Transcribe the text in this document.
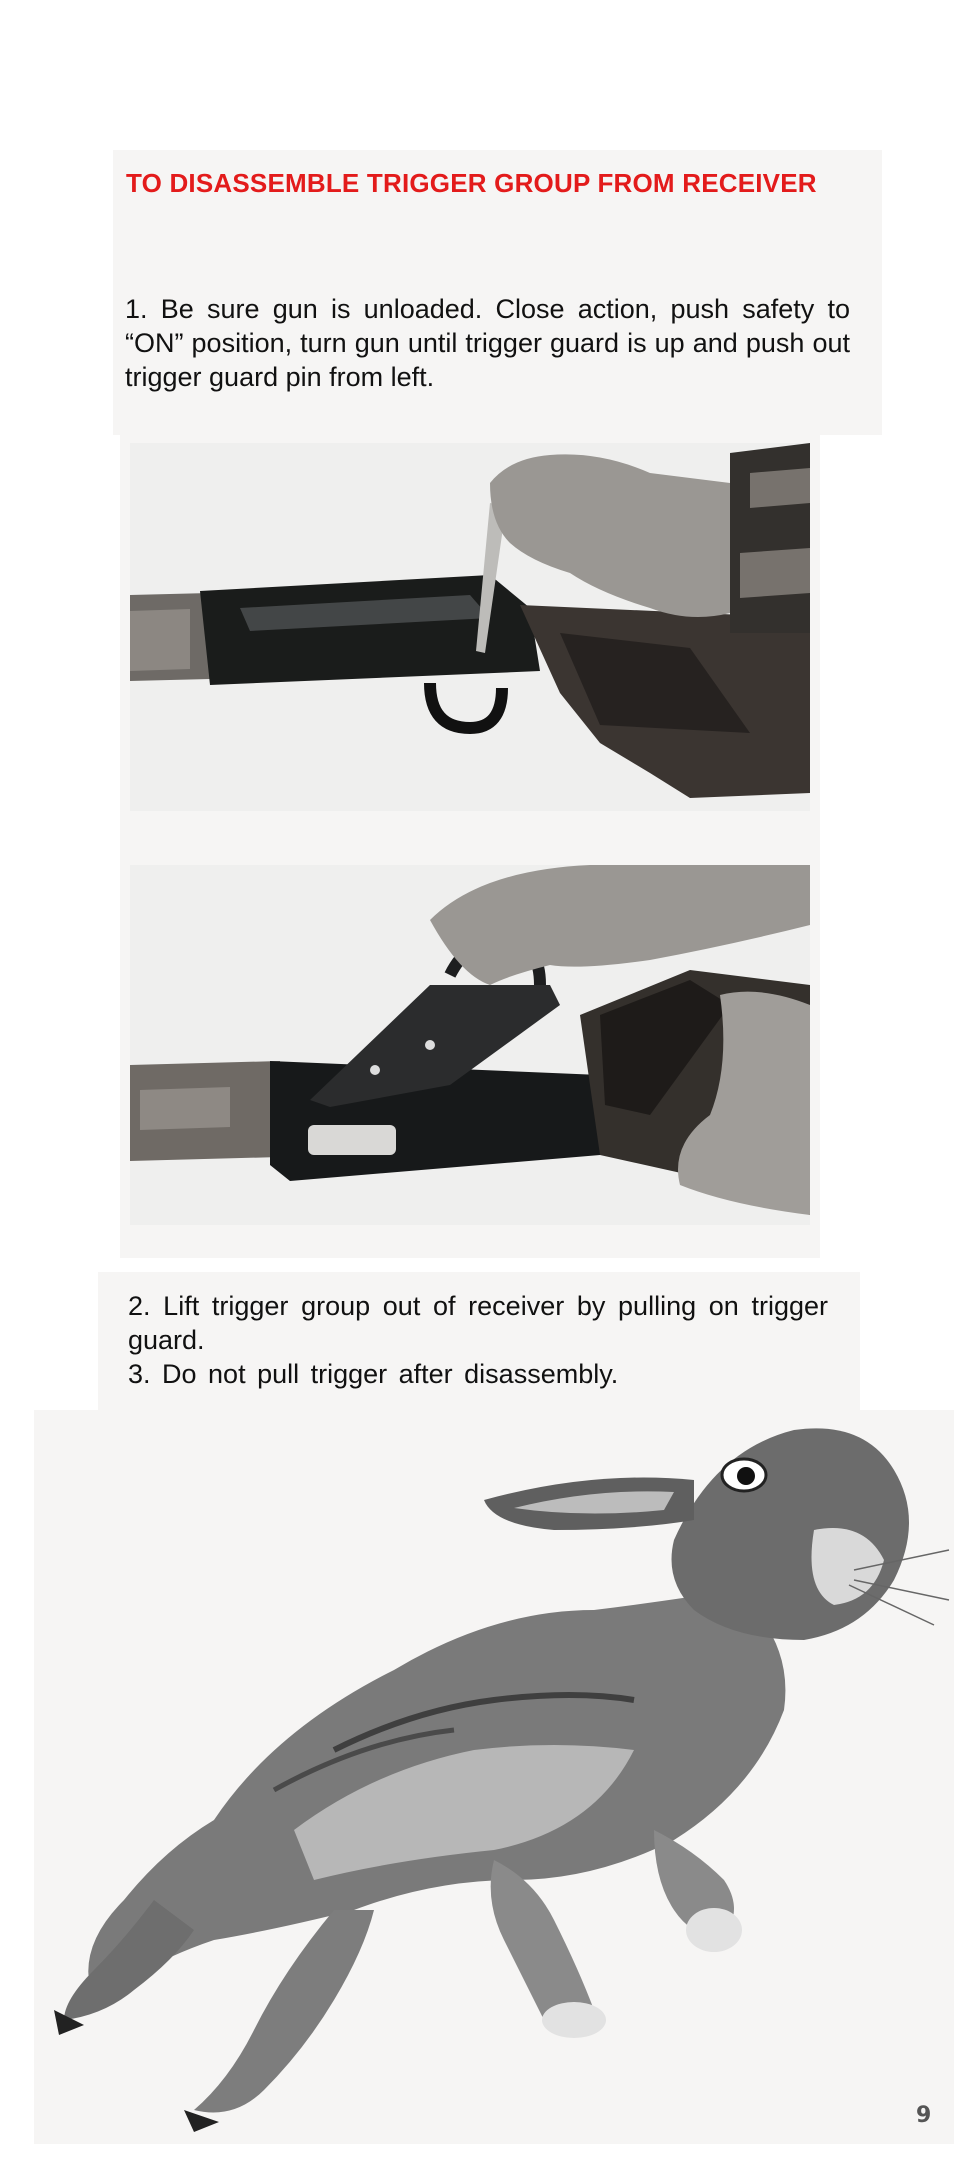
TO DISASSEMBLE TRIGGER GROUP FROM RECEIVER

1. Be sure gun is unloaded. Close action, push safety to “ON” position, turn gun until trigger guard is up and push out trigger guard pin from left.

2. Lift trigger group out of receiver by pulling on trigger guard.

3. Do not pull trigger after disassembly.

9
